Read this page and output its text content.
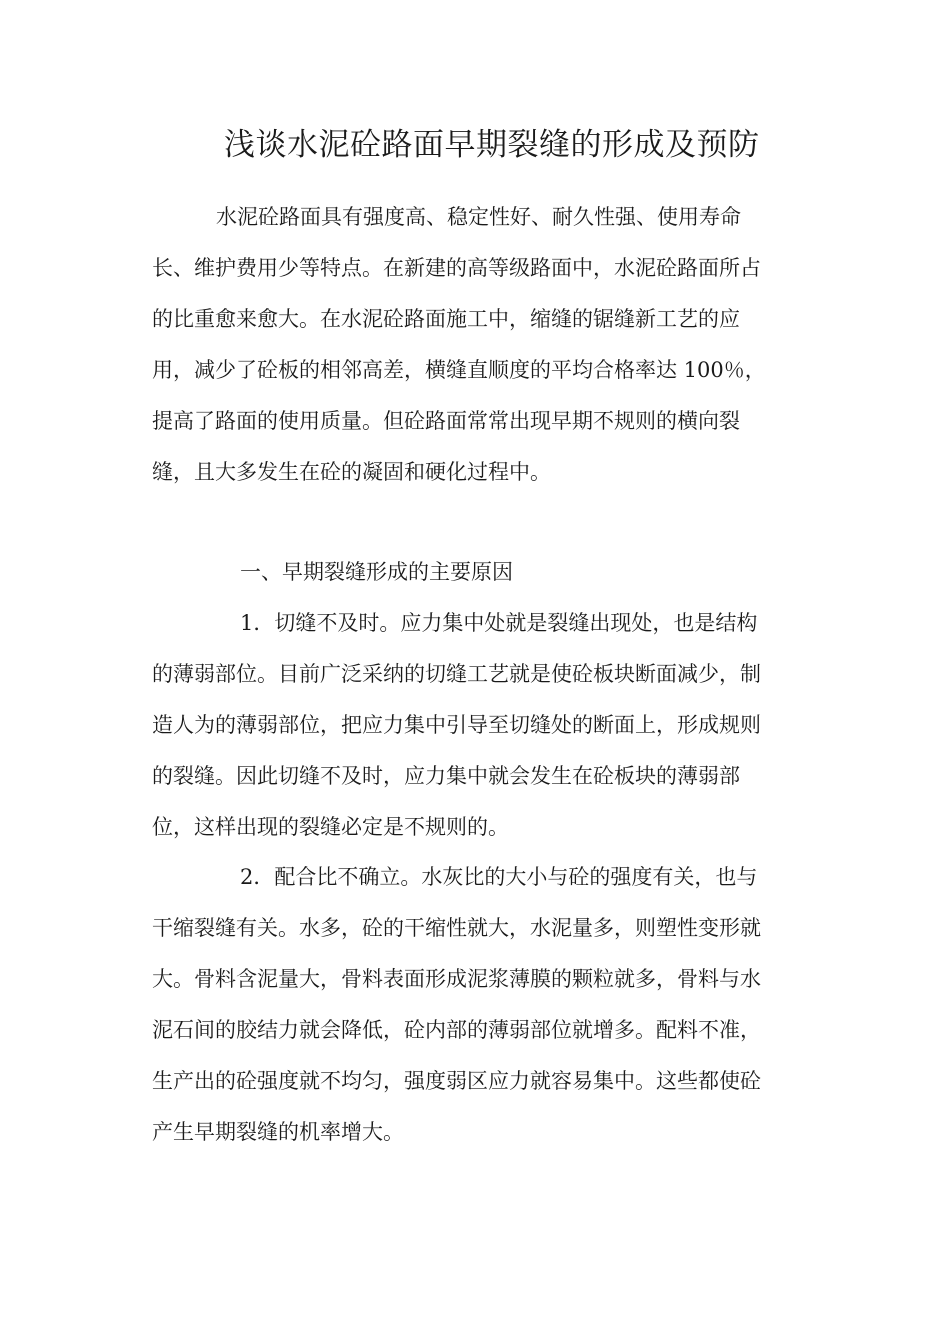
浅谈水泥砼路面早期裂缝的形成及预防

水泥砼路面具有强度高、稳定性好、耐久性强、使用寿命
长、维护费用少等特点。在新建的高等级路面中，水泥砼路面所占
的比重愈来愈大。在水泥砼路面施工中，缩缝的锯缝新工艺的应
用，减少了砼板的相邻高差，横缝直顺度的平均合格率达 100％，
提高了路面的使用质量。但砼路面常常出现早期不规则的横向裂
缝，且大多发生在砼的凝固和硬化过程中。

一、早期裂缝形成的主要原因

1．切缝不及时。应力集中处就是裂缝出现处，也是结构
的薄弱部位。目前广泛采纳的切缝工艺就是使砼板块断面减少，制
造人为的薄弱部位，把应力集中引导至切缝处的断面上，形成规则
的裂缝。因此切缝不及时，应力集中就会发生在砼板块的薄弱部
位，这样出现的裂缝必定是不规则的。

2．配合比不确立。水灰比的大小与砼的强度有关，也与
干缩裂缝有关。水多，砼的干缩性就大，水泥量多，则塑性变形就
大。骨料含泥量大，骨料表面形成泥浆薄膜的颗粒就多，骨料与水
泥石间的胶结力就会降低，砼内部的薄弱部位就增多。配料不准，
生产出的砼强度就不均匀，强度弱区应力就容易集中。这些都使砼
产生早期裂缝的机率增大。
